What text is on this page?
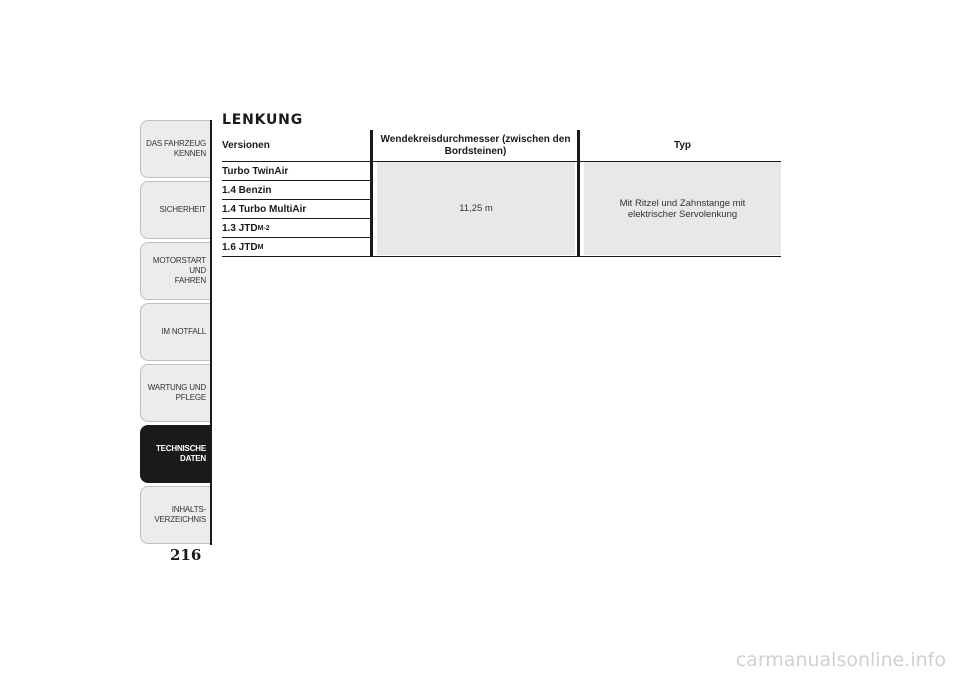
DAS FAHRZEUG
KENNEN
SICHERHEIT
MOTORSTART UND
FAHREN
IM NOTFALL
WARTUNG UND
PFLEGE
TECHNISCHE
DATEN
INHALTS-
VERZEICHNIS
216
LENKUNG
Versionen
Wendekreisdurchmesser (zwischen den Bordsteinen)	Typ
Turbo TwinAir
1.4 Benzin
1.4 Turbo MultiAir
1.3 JTD M-2
1.6 JTD M
11,25 m	Mit Ritzel und Zahnstange mit elektrischer Servolenkung
carmanualsonline.info
